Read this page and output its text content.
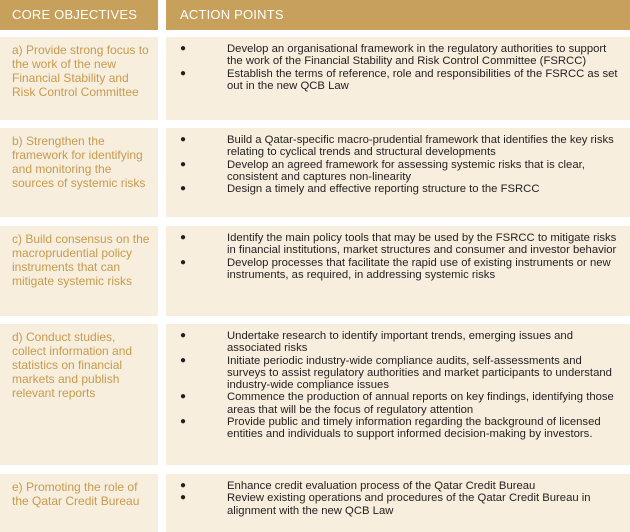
CORE OBJECTIVES	ACTION POINTS
a) Provide strong focus to the work of the new Financial Stability and Risk Control Committee
●	Develop an organisational framework in the regulatory authorities to support the work of the Financial Stability and Risk Control Committee (FSRCC)
●	Establish the terms of reference, role and responsibilities of the FSRCC as set out in the new QCB Law
b) Strengthen the framework for identifying and monitoring the sources of systemic risks
●	Build a Qatar-specific macro-prudential framework that identifies the key risks relating to cyclical trends and structural developments
●	Develop an agreed framework for assessing systemic risks that is clear, consistent and captures non-linearity
●	Design a timely and effective reporting structure to the FSRCC
c) Build consensus on the macroprudential policy instruments that can mitigate systemic risks
●	Identify the main policy tools that may be used by the FSRCC to mitigate risks in financial institutions, market structures and consumer and investor behavior
●	Develop processes that facilitate the rapid use of existing instruments or new instruments, as required, in addressing systemic risks
d) Conduct studies, collect information and statistics on financial markets and publish relevant reports
●	Undertake research to identify important trends, emerging issues and associated risks
●	Initiate periodic industry-wide compliance audits, self-assessments and surveys to assist regulatory authorities and market participants to understand industry-wide compliance issues
●	Commence the production of annual reports on key findings, identifying those areas that will be the focus of regulatory attention
●	Provide public and timely information regarding the background of licensed entities and individuals to support informed decision-making by investors.
e) Promoting the role of the Qatar Credit Bureau
●	Enhance credit evaluation process of the Qatar Credit Bureau
●	Review existing operations and procedures of the Qatar Credit Bureau in alignment with the new QCB Law
